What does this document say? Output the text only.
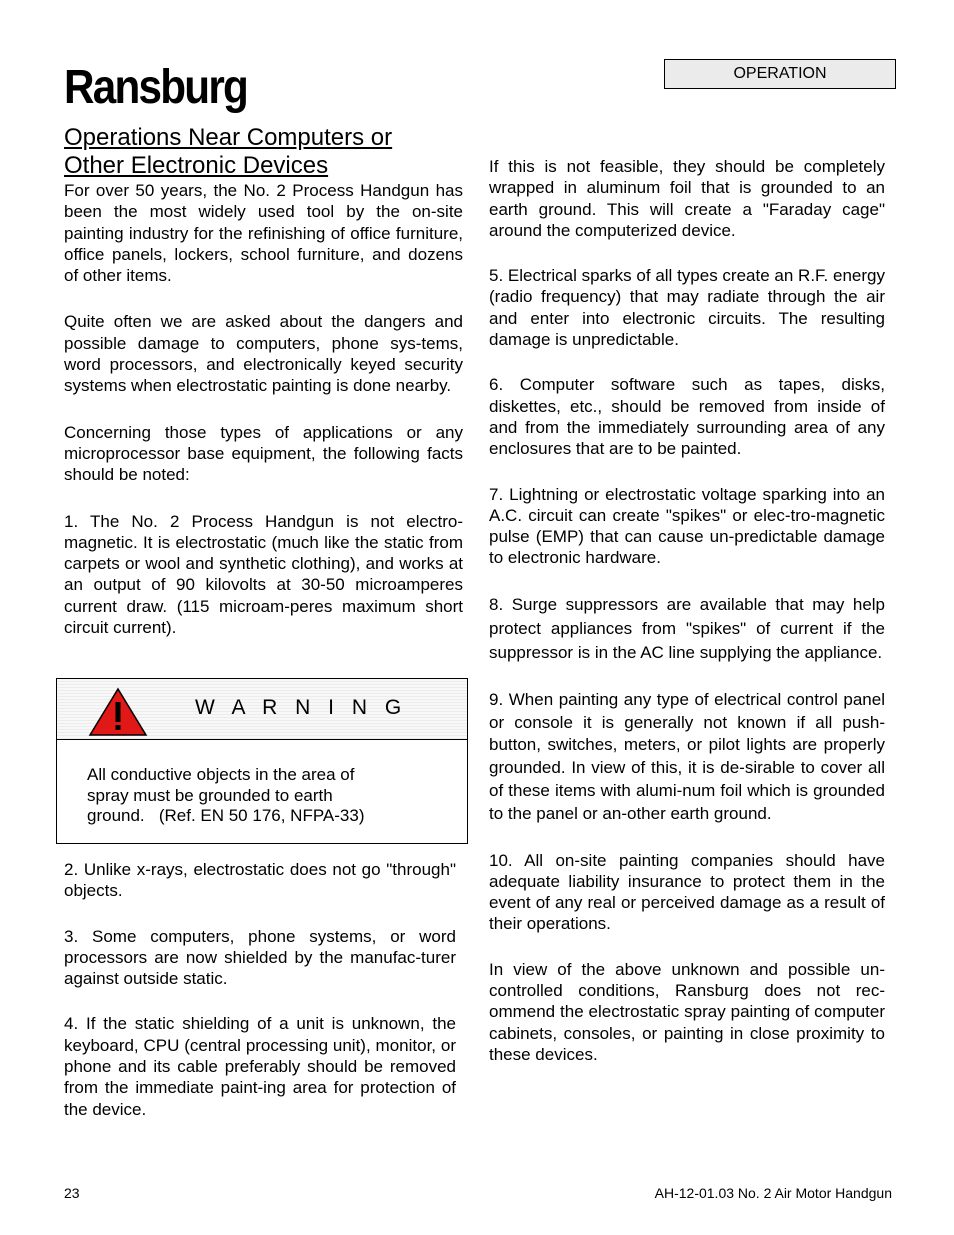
Ransburg	OPERATION
Operations Near Computers or
Other Electronic Devices

For over 50 years, the No. 2 Process Handgun has been the most widely used tool by the on-site painting industry for the refinishing of office furniture, office panels, lockers, school furniture, and dozens of other items.

Quite often we are asked about the dangers and possible damage to computers, phone sys-tems, word processors, and electronically keyed security systems when electrostatic painting is done nearby.

Concerning those types of applications or any microprocessor base equipment, the following facts should be noted:

1. The No. 2 Process Handgun is not electro-magnetic. It is electrostatic (much like the static from carpets or wool and synthetic clothing), and works at an output of 90 kilovolts at 30-50 microamperes current draw. (115 microam-peres maximum short circuit current).

W A R N I N G
All conductive objects in the area of
spray must be grounded to earth
ground.   (Ref. EN 50 176, NFPA-33)

2. Unlike x-rays, electrostatic does not go "through" objects.

3. Some computers, phone systems, or word processors are now shielded by the manufac-turer against outside static.

4. If the static shielding of a unit is unknown, the keyboard, CPU (central processing unit), monitor, or phone and its cable preferably should be removed from the immediate paint-ing area for protection of the device.

If this is not feasible, they should be completely wrapped in aluminum foil that is grounded to an earth ground. This will create a "Faraday cage" around the computerized device.

5. Electrical sparks of all types create an R.F. energy (radio frequency) that may radiate through the air and enter into electronic circuits. The resulting damage is unpredictable.

6. Computer software such as tapes, disks, diskettes, etc., should be removed from inside of and from the immediately surrounding area of any enclosures that are to be painted.

7. Lightning or electrostatic voltage sparking into an A.C. circuit can create "spikes" or elec-tro-magnetic pulse (EMP) that can cause un-predictable damage to electronic hardware.

8. Surge suppressors are available that may help protect appliances from "spikes" of current if the suppressor is in the AC line supplying the appliance.

9. When painting any type of electrical control panel or console it is generally not known if all push-button, switches, meters, or pilot lights are properly grounded. In view of this, it is de-sirable to cover all of these items with alumi-num foil which is grounded to the panel or an-other earth ground.

10. All on-site painting companies should have adequate liability insurance to protect them in the event of any real or perceived damage as a result of their operations.

In view of the above unknown and possible un-controlled conditions, Ransburg does not rec-ommend the electrostatic spray painting of computer cabinets, consoles, or painting in close proximity to these devices.

23	AH-12-01.03 No. 2 Air Motor Handgun
